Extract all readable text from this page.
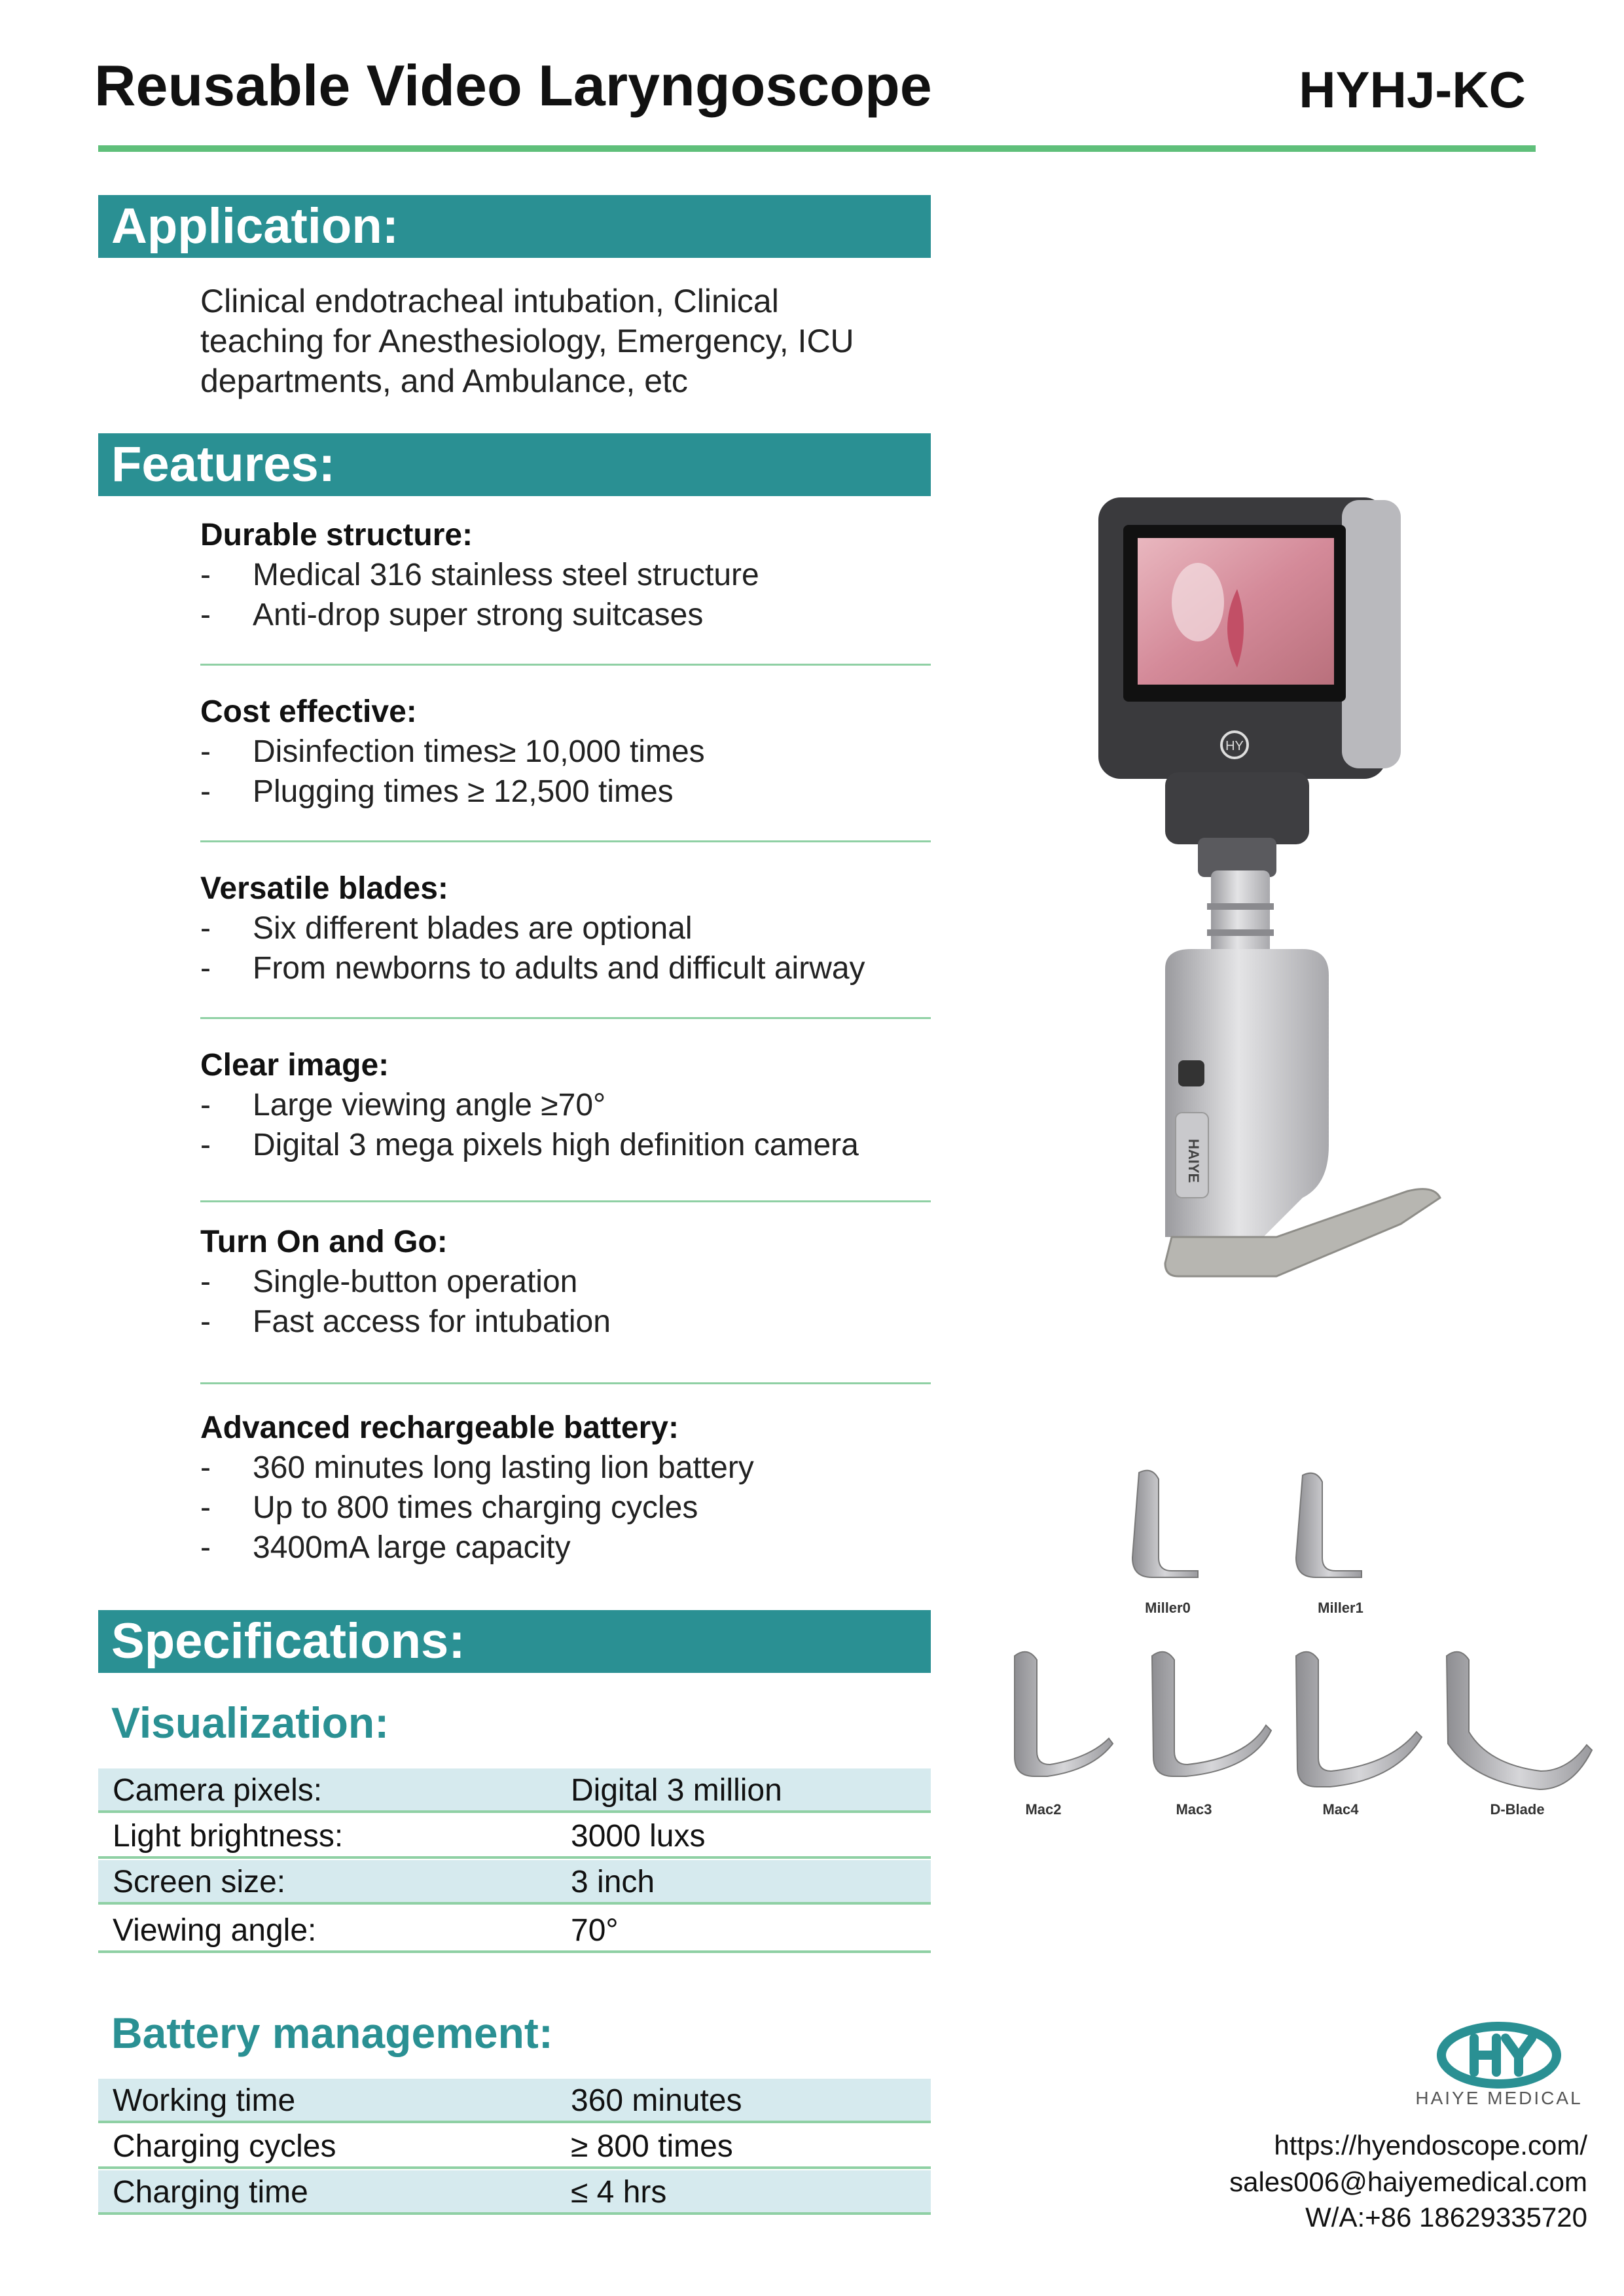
Reusable Video Laryngoscope	HYHJ-KC
Application:
Clinical endotracheal intubation, Clinical
teaching for Anesthesiology, Emergency, ICU
departments, and Ambulance, etc
Features:
Durable structure:
- Medical 316 stainless steel structure
- Anti-drop super strong suitcases
Cost effective:
- Disinfection times≥ 10,000 times
- Plugging times ≥ 12,500 times
Versatile blades:
- Six different blades are optional
- From newborns to adults and difficult airway
Clear image:
- Large viewing angle ≥70°
- Digital 3 mega pixels high definition camera
Turn On and Go:
- Single-button operation
- Fast access for intubation
Advanced rechargeable battery:
- 360 minutes long lasting lion battery
- Up to 800 times charging cycles
- 3400mA large capacity
Specifications:
Visualization:
Camera pixels:	Digital 3 million
Light brightness:	3000 luxs
Screen size:	3 inch
Viewing angle:	70°
Battery management:
Working time	360 minutes
Charging cycles	≥ 800 times
Charging time	≤ 4 hrs
HY
HAIYE
Miller0	Miller1
Mac2	Mac3	Mac4	D-Blade
HAIYE MEDICAL
https://hyendoscope.com/
sales006@haiyemedical.com
W/A:+86 18629335720
